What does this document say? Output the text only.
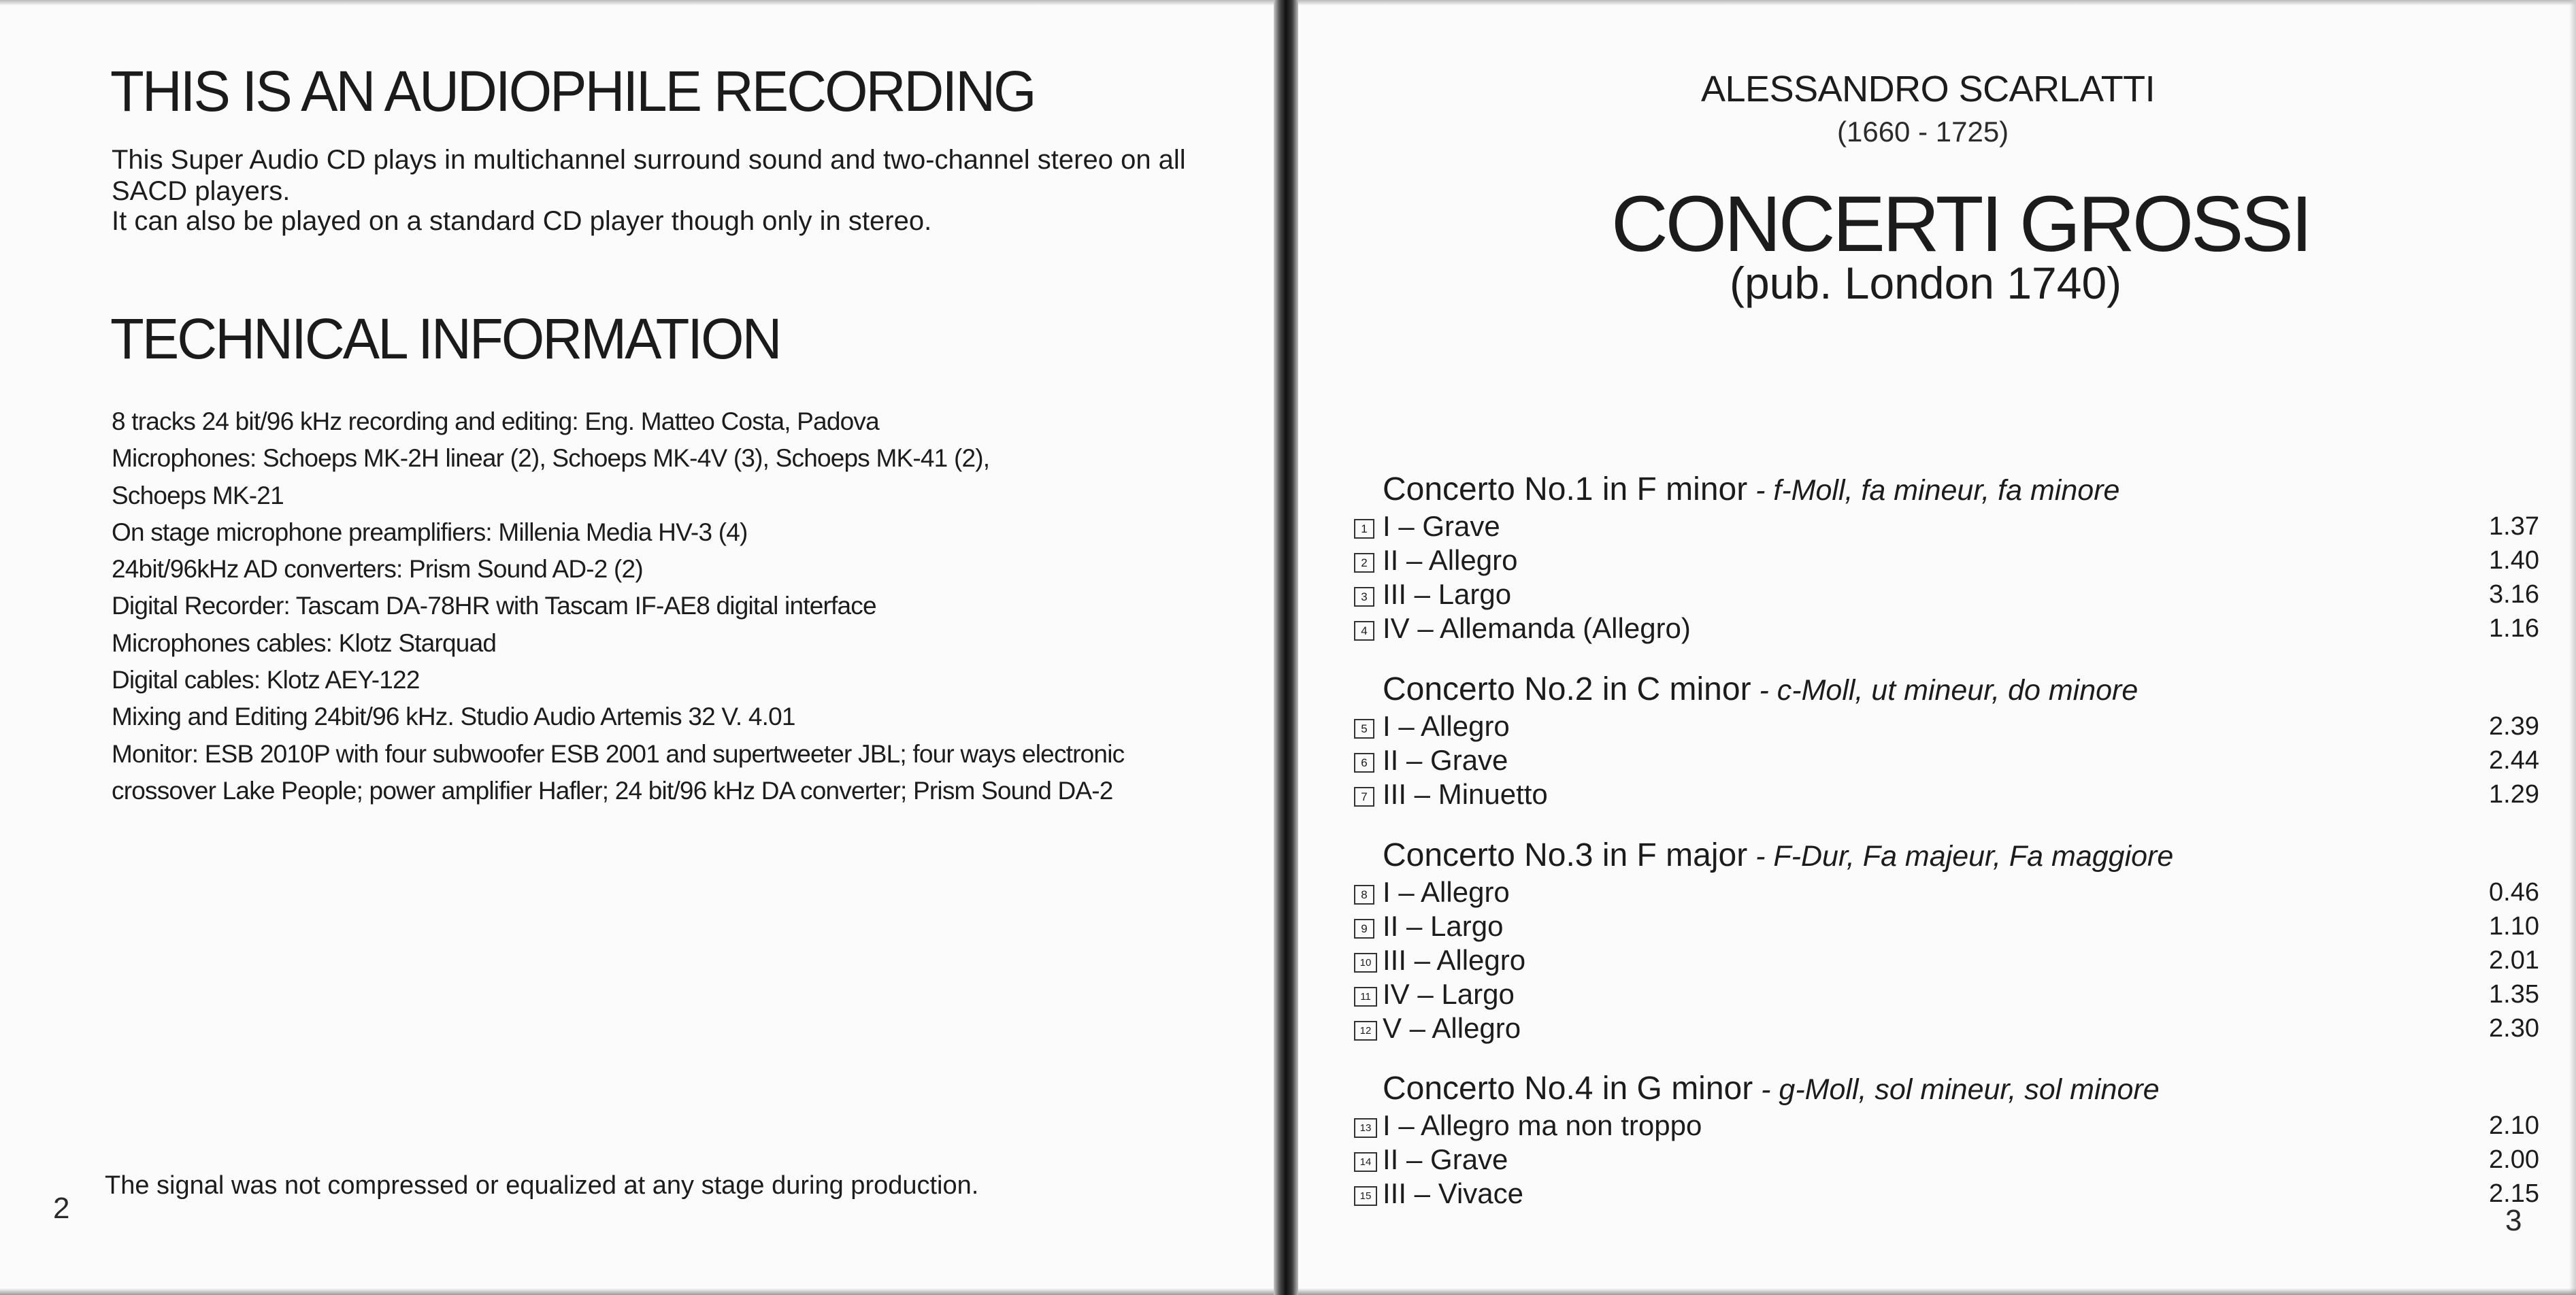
THIS IS AN AUDIOPHILE RECORDING

This Super Audio CD plays in multichannel surround sound and two-channel stereo on all SACD players.

It can also be played on a standard CD player though only in stereo.

TECHNICAL INFORMATION
8 tracks 24 bit/96 kHz recording and editing: Eng. Matteo Costa, Padova
Microphones: Schoeps MK-2H linear (2), Schoeps MK-4V (3), Schoeps MK-41 (2),
Schoeps MK-21
On stage microphone preamplifiers: Millenia Media HV-3 (4)
24bit/96kHz AD converters: Prism Sound AD-2 (2)
Digital Recorder: Tascam DA-78HR with Tascam IF-AE8 digital interface
Microphones cables: Klotz Starquad
Digital cables: Klotz AEY-122
Mixing and Editing 24bit/96 kHz. Studio Audio Artemis 32 V. 4.01
Monitor: ESB 2010P with four subwoofer ESB 2001 and supertweeter JBL; four ways electronic
crossover Lake People; power amplifier Hafler; 24 bit/96 kHz DA converter; Prism Sound DA-2

The signal was not compressed or equalized at any stage during production.

2
ALESSANDRO SCARLATTI
(1660 - 1725)
CONCERTI GROSSI
(pub. London 1740)
Concerto No.1 in F minor - f-Moll, fa mineur, fa minore
1 I – Grave	1.37
2 II – Allegro	1.40
3 III – Largo	3.16
4 IV – Allemanda (Allegro)	1.16
Concerto No.2 in C minor - c-Moll, ut mineur, do minore
5 I – Allegro	2.39
6 II – Grave	2.44
7 III – Minuetto	1.29
Concerto No.3 in F major - F-Dur, Fa majeur, Fa maggiore
8 I – Allegro	0.46
9 II – Largo	1.10
10 III – Allegro	2.01
11 IV – Largo	1.35
12 V – Allegro	2.30
Concerto No.4 in G minor - g-Moll, sol mineur, sol minore
13 I – Allegro ma non troppo	2.10
14 II – Grave	2.00
15 III – Vivace	2.15
3
